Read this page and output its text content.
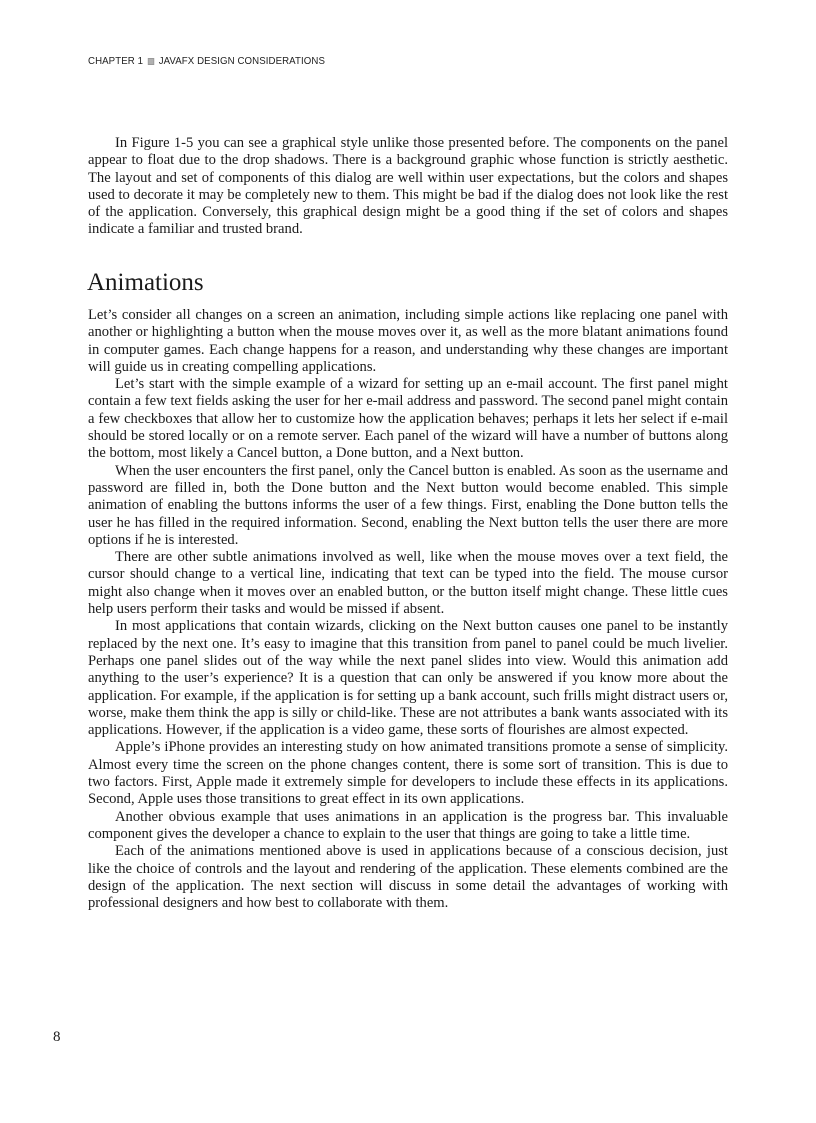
CHAPTER 1 JAVAFX DESIGN CONSIDERATIONS

In Figure 1-5 you can see a graphical style unlike those presented before. The components on the panel appear to float due to the drop shadows. There is a background graphic whose function is strictly aesthetic. The layout and set of components of this dialog are well within user expectations, but the colors and shapes used to decorate it may be completely new to them. This might be bad if the dialog does not look like the rest of the application. Conversely, this graphical design might be a good thing if the set of colors and shapes indicate a familiar and trusted brand.

Animations

Let’s consider all changes on a screen an animation, including simple actions like replacing one panel with another or highlighting a button when the mouse moves over it, as well as the more blatant animations found in computer games. Each change happens for a reason, and understanding why these changes are important will guide us in creating compelling applications.

Let’s start with the simple example of a wizard for setting up an e-mail account. The first panel might contain a few text fields asking the user for her e-mail address and password. The second panel might contain a few checkboxes that allow her to customize how the application behaves; perhaps it lets her select if e-mail should be stored locally or on a remote server. Each panel of the wizard will have a number of buttons along the bottom, most likely a Cancel button, a Done button, and a Next button.

When the user encounters the first panel, only the Cancel button is enabled. As soon as the username and password are filled in, both the Done button and the Next button would become enabled. This simple animation of enabling the buttons informs the user of a few things. First, enabling the Done button tells the user he has filled in the required information. Second, enabling the Next button tells the user there are more options if he is interested.

There are other subtle animations involved as well, like when the mouse moves over a text field, the cursor should change to a vertical line, indicating that text can be typed into the field. The mouse cursor might also change when it moves over an enabled button, or the button itself might change. These little cues help users perform their tasks and would be missed if absent.

In most applications that contain wizards, clicking on the Next button causes one panel to be instantly replaced by the next one. It’s easy to imagine that this transition from panel to panel could be much livelier. Perhaps one panel slides out of the way while the next panel slides into view. Would this animation add anything to the user’s experience? It is a question that can only be answered if you know more about the application. For example, if the application is for setting up a bank account, such frills might distract users or, worse, make them think the app is silly or child-like. These are not attributes a bank wants associated with its applications. However, if the application is a video game, these sorts of flourishes are almost expected.

Apple’s iPhone provides an interesting study on how animated transitions promote a sense of simplicity. Almost every time the screen on the phone changes content, there is some sort of transition. This is due to two factors. First, Apple made it extremely simple for developers to include these effects in its applications. Second, Apple uses those transitions to great effect in its own applications.

Another obvious example that uses animations in an application is the progress bar. This invaluable component gives the developer a chance to explain to the user that things are going to take a little time.

Each of the animations mentioned above is used in applications because of a conscious decision, just like the choice of controls and the layout and rendering of the application. These elements combined are the design of the application. The next section will discuss in some detail the advantages of working with professional designers and how best to collaborate with them.

8
